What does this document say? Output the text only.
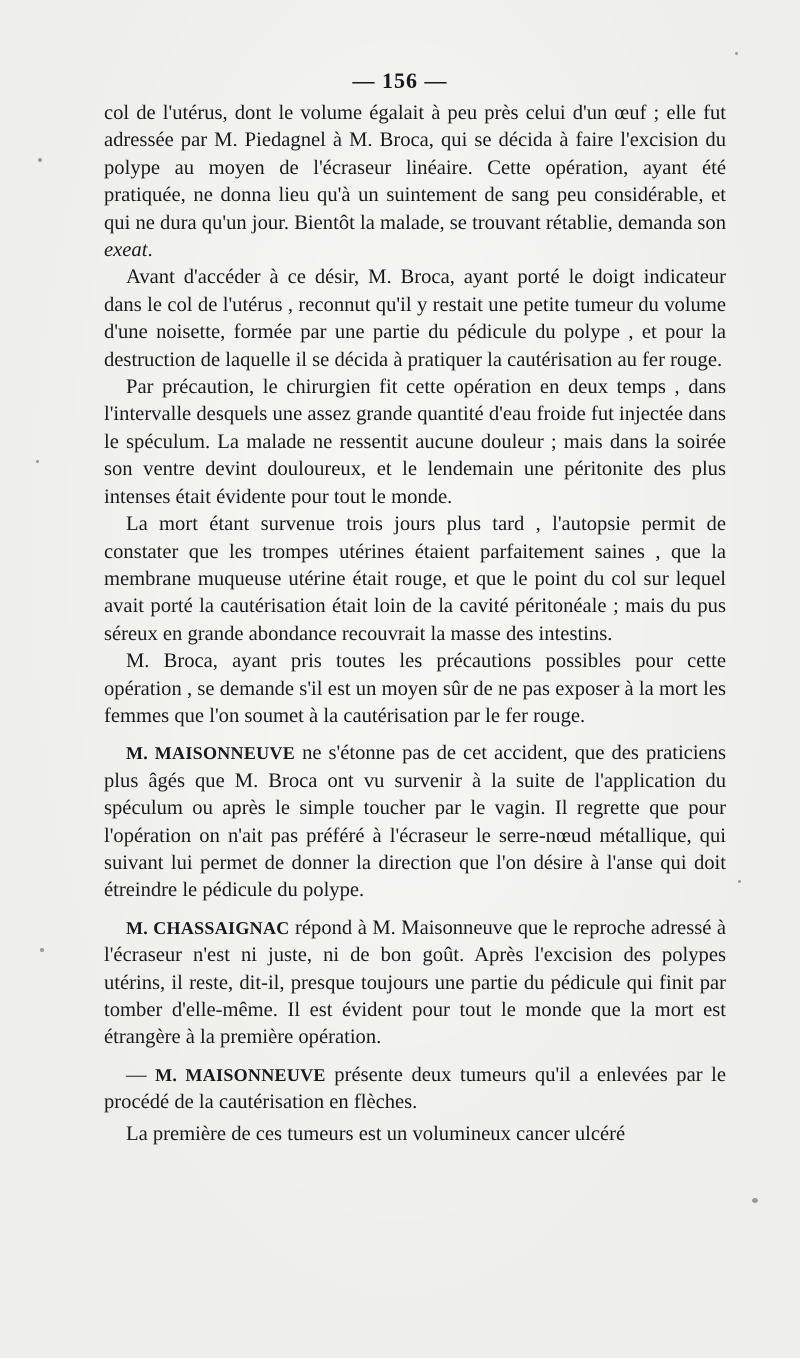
— 156 —

col de l'utérus, dont le volume égalait à peu près celui d'un œuf ; elle fut adressée par M. Piedagnel à M. Broca, qui se décida à faire l'excision du polype au moyen de l'écraseur linéaire. Cette opération, ayant été pratiquée, ne donna lieu qu'à un suintement de sang peu considérable, et qui ne dura qu'un jour. Bientôt la malade, se trouvant rétablie, demanda son exeat.

Avant d'accéder à ce désir, M. Broca, ayant porté le doigt indicateur dans le col de l'utérus , reconnut qu'il y restait une petite tumeur du volume d'une noisette, formée par une partie du pédicule du polype , et pour la destruction de laquelle il se décida à pratiquer la cautérisation au fer rouge.

Par précaution, le chirurgien fit cette opération en deux temps , dans l'intervalle desquels une assez grande quantité d'eau froide fut injectée dans le spéculum. La malade ne ressentit aucune douleur ; mais dans la soirée son ventre devint douloureux, et le lendemain une péritonite des plus intenses était évidente pour tout le monde.

La mort étant survenue trois jours plus tard , l'autopsie permit de constater que les trompes utérines étaient parfaitement saines , que la membrane muqueuse utérine était rouge, et que le point du col sur lequel avait porté la cautérisation était loin de la cavité péritonéale ; mais du pus séreux en grande abondance recouvrait la masse des intestins.

M. Broca, ayant pris toutes les précautions possibles pour cette opération , se demande s'il est un moyen sûr de ne pas exposer à la mort les femmes que l'on soumet à la cautérisation par le fer rouge.

M. MAISONNEUVE ne s'étonne pas de cet accident, que des praticiens plus âgés que M. Broca ont vu survenir à la suite de l'application du spéculum ou après le simple toucher par le vagin. Il regrette que pour l'opération on n'ait pas préféré à l'écraseur le serre-nœud métallique, qui suivant lui permet de donner la direction que l'on désire à l'anse qui doit étreindre le pédicule du polype.

M. CHASSAIGNAC répond à M. Maisonneuve que le reproche adressé à l'écraseur n'est ni juste, ni de bon goût. Après l'excision des polypes utérins, il reste, dit-il, presque toujours une partie du pédicule qui finit par tomber d'elle-même. Il est évident pour tout le monde que la mort est étrangère à la première opération.

— M. MAISONNEUVE présente deux tumeurs qu'il a enlevées par le procédé de la cautérisation en flèches.

La première de ces tumeurs est un volumineux cancer ulcéré
